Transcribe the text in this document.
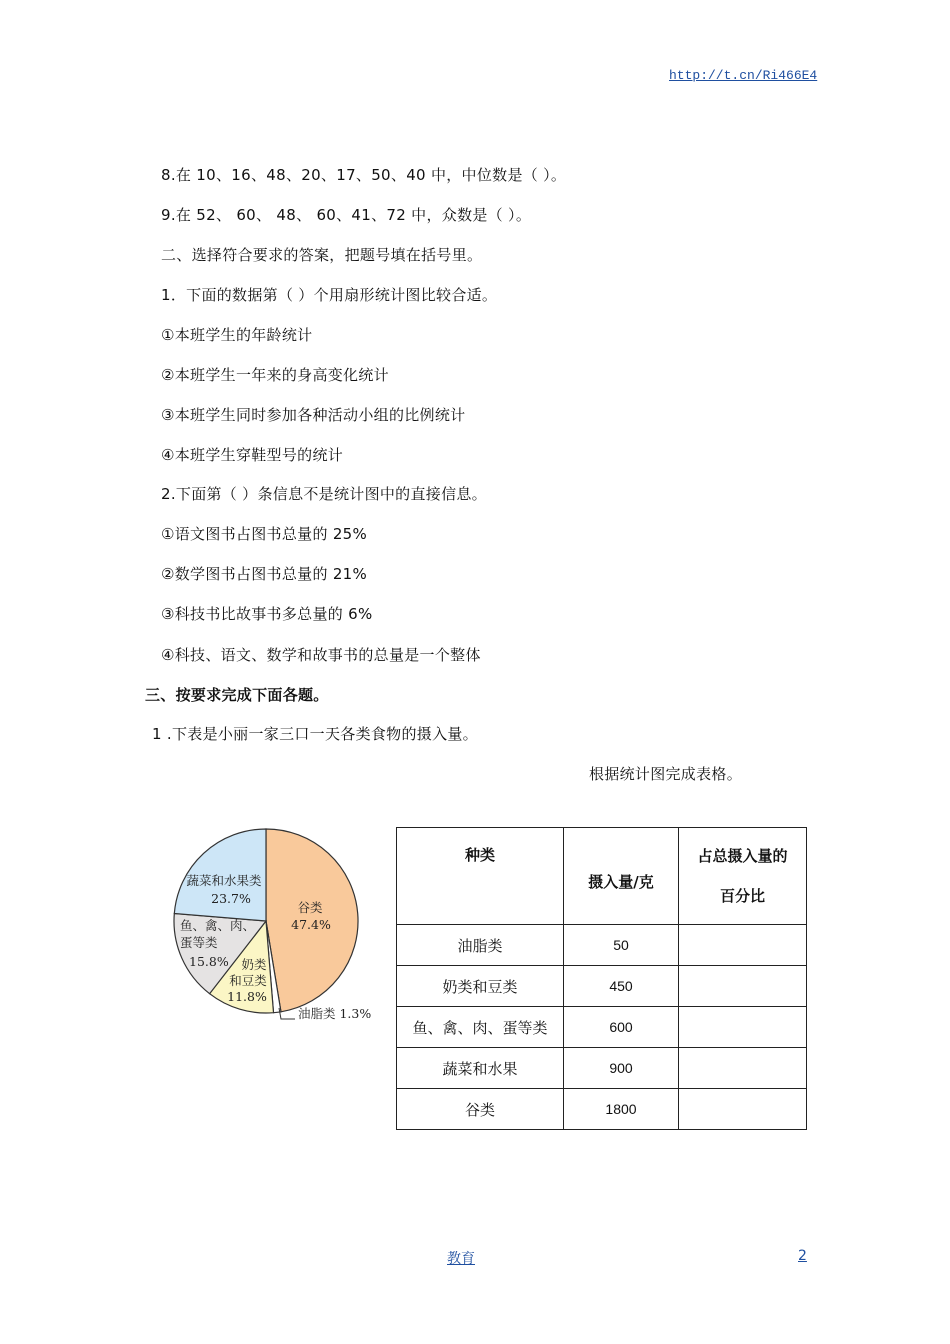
http://t.cn/Ri466E4
8.在 10、16、48、20、17、50、40 中，中位数是（ ）。
9.在 52、 60、 48、 60、41、72 中，众数是（ ）。
二、选择符合要求的答案，把题号填在括号里。
1．下面的数据第（ ）个用扇形统计图比较合适。
①本班学生的年龄统计
②本班学生一年来的身高变化统计
③本班学生同时参加各种活动小组的比例统计
④本班学生穿鞋型号的统计
2.下面第（ ）条信息不是统计图中的直接信息。
①语文图书占图书总量的 25%
②数学图书占图书总量的 21%
③科技书比故事书多总量的 6%
④科技、语文、数学和故事书的总量是一个整体
三、按要求完成下面各题。
1 .下表是小丽一家三口一天各类食物的摄入量。
根据统计图完成表格。
谷类
47.4%
奶类
和豆类
11.8%
鱼、禽、肉、
蛋等类
15.8%
蔬菜和水果类
23.7%
油脂类 1.3%
种类	摄入量/克	占总摄入量的
百分比
油脂类	50	
奶类和豆类	450	
鱼、禽、肉、蛋等类	600	
蔬菜和水果	900	
谷类	1800	
教育	2
